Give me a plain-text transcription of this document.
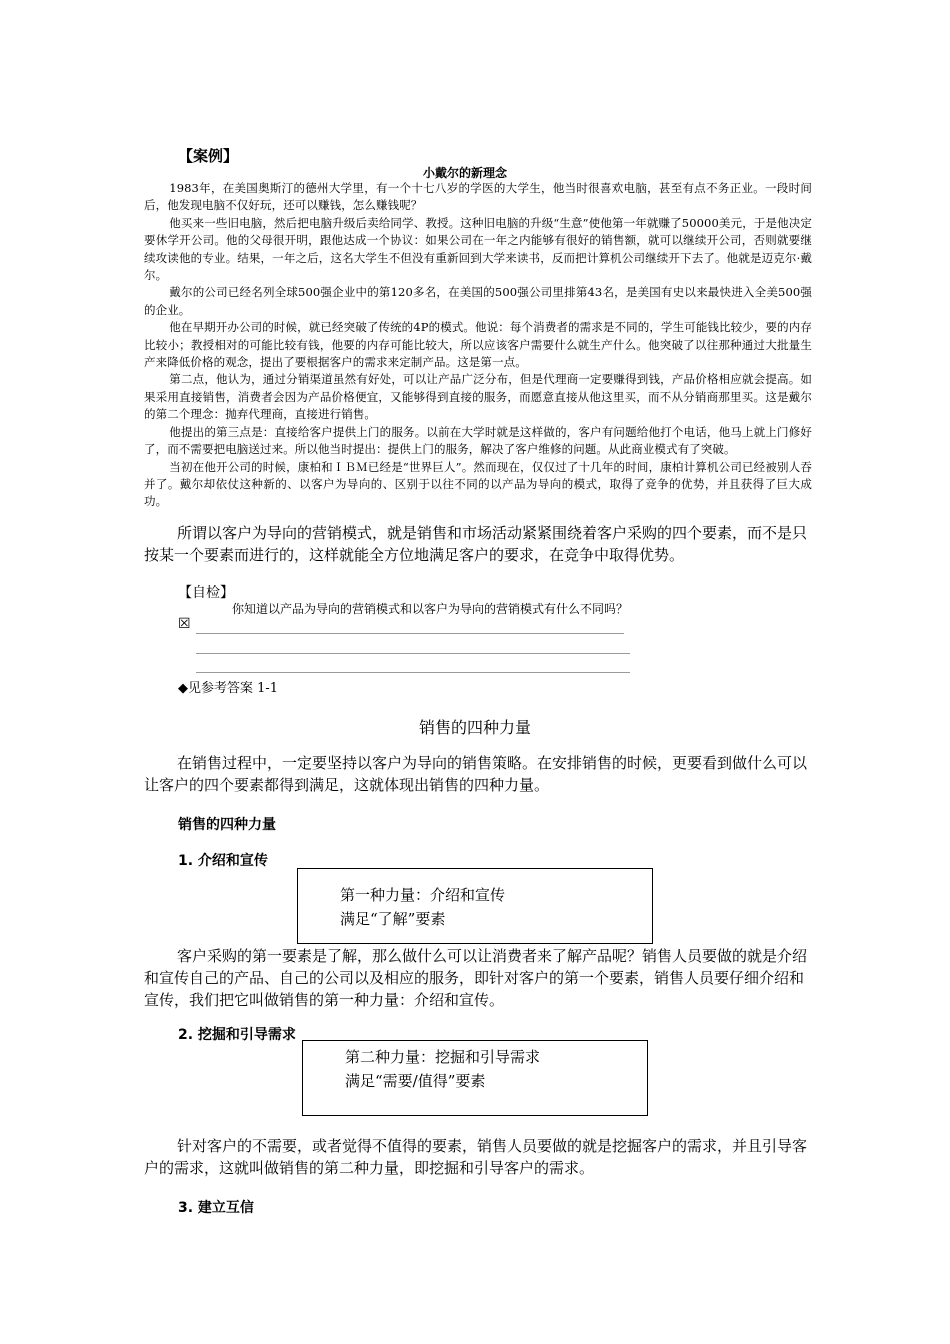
【案例】
小戴尔的新理念

1983年，在美国奥斯汀的德州大学里，有一个十七八岁的学医的大学生，他当时很喜欢电脑，甚至有点不务正业。一段时间后，他发现电脑不仅好玩，还可以赚钱，怎么赚钱呢？

他买来一些旧电脑，然后把电脑升级后卖给同学、教授。这种旧电脑的升级“生意”使他第一年就赚了50000美元，于是他决定要休学开公司。他的父母很开明，跟他达成一个协议：如果公司在一年之内能够有很好的销售额，就可以继续开公司，否则就要继续攻读他的专业。结果，一年之后，这名大学生不但没有重新回到大学来读书，反而把计算机公司继续开下去了。他就是迈克尔·戴尔。

戴尔的公司已经名列全球500强企业中的第120多名，在美国的500强公司里排第43名，是美国有史以来最快进入全美500强的企业。

他在早期开办公司的时候，就已经突破了传统的4P的模式。他说：每个消费者的需求是不同的，学生可能钱比较少，要的内存比较小；教授相对的可能比较有钱，他要的内存可能比较大，所以应该客户需要什么就生产什么。他突破了以往那种通过大批量生产来降低价格的观念，提出了要根据客户的需求来定制产品。这是第一点。

第二点，他认为，通过分销渠道虽然有好处，可以让产品广泛分布，但是代理商一定要赚得到钱，产品价格相应就会提高。如果采用直接销售，消费者会因为产品价格便宜，又能够得到直接的服务，而愿意直接从他这里买，而不从分销商那里买。这是戴尔的第二个理念：抛弃代理商，直接进行销售。

他提出的第三点是：直接给客户提供上门的服务。以前在大学时就是这样做的，客户有问题给他打个电话，他马上就上门修好了，而不需要把电脑送过来。所以他当时提出：提供上门的服务，解决了客户维修的问题。从此商业模式有了突破。

当初在他开公司的时候，康柏和ＩＢＭ已经是“世界巨人”。然而现在，仅仅过了十几年的时间，康柏计算机公司已经被别人吞并了。戴尔却依仗这种新的、以客户为导向的、区别于以往不同的以产品为导向的模式，取得了竞争的优势，并且获得了巨大成功。

所谓以客户为导向的营销模式，就是销售和市场活动紧紧围绕着客户采购的四个要素，而不是只按某一个要素而进行的，这样就能全方位地满足客户的要求，在竞争中取得优势。

【自检】
你知道以产品为导向的营销模式和以客户为导向的营销模式有什么不同吗？
☒
◆见参考答案 1-1
销售的四种力量

在销售过程中，一定要坚持以客户为导向的销售策略。在安排销售的时候，更要看到做什么可以让客户的四个要素都得到满足，这就体现出销售的四种力量。

销售的四种力量
1. 介绍和宣传
第一种力量：介绍和宣传
满足“了解”要素

客户采购的第一要素是了解，那么做什么可以让消费者来了解产品呢？销售人员要做的就是介绍和宣传自己的产品、自己的公司以及相应的服务，即针对客户的第一个要素，销售人员要仔细介绍和宣传，我们把它叫做销售的第一种力量：介绍和宣传。

2. 挖掘和引导需求
第二种力量：挖掘和引导需求
满足“需要/值得”要素

针对客户的不需要，或者觉得不值得的要素，销售人员要做的就是挖掘客户的需求，并且引导客户的需求，这就叫做销售的第二种力量，即挖掘和引导客户的需求。

3. 建立互信
